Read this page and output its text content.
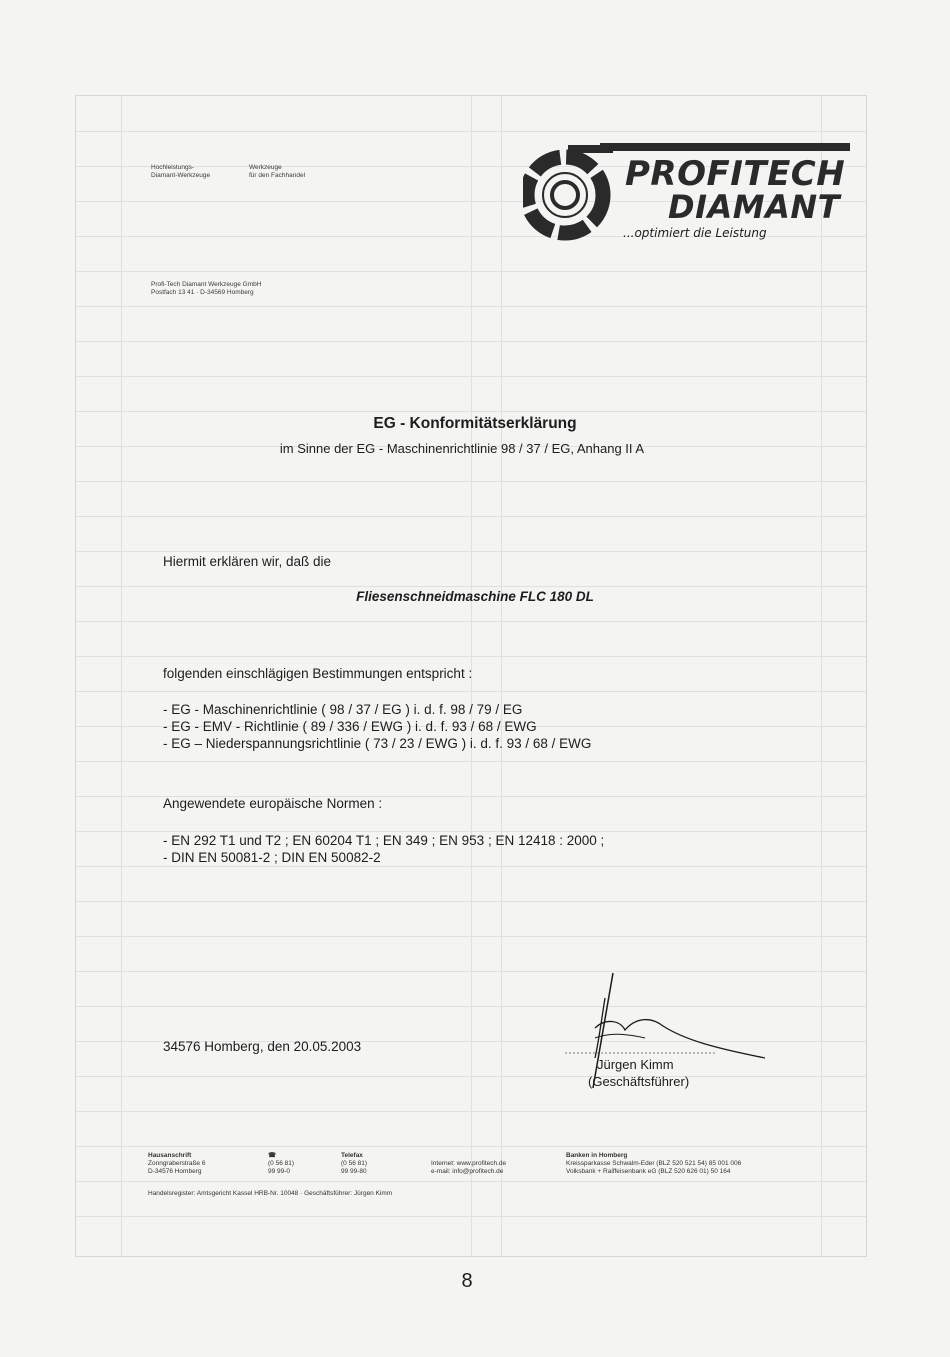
Hochleistungs-
Diamant-Werkzeuge
Werkzeuge
für den Fachhandel	PROFITECH
DIAMANT
...optimiert die Leistung
Profi-Tech Diamant Werkzeuge GmbH
Postfach 13 41 · D-34569 Homberg
EG - Konformitätserklärung
im Sinne der EG - Maschinenrichtlinie 98 / 37 / EG, Anhang II A
Hiermit erklären wir, daß die
Fliesenschneidmaschine FLC 180 DL
folgenden einschlägigen Bestimmungen entspricht :
- EG - Maschinenrichtlinie ( 98 / 37 / EG ) i. d. f. 98 / 79 / EG
- EG - EMV - Richtlinie ( 89 / 336 / EWG ) i. d. f. 93 / 68 / EWG
- EG – Niederspannungsrichtlinie ( 73 / 23 / EWG ) i. d. f. 93 / 68 / EWG
Angewendete europäische Normen :
- EN 292 T1 und T2 ; EN 60204 T1 ; EN 349 ; EN 953 ; EN 12418 : 2000 ;
- DIN EN 50081-2 ; DIN EN 50082-2
34576 Homberg, den 20.05.2003
Jürgen Kimm
(Geschäftsführer)
Hausanschrift
Zonngraberstraße 6
D-34576 Homberg
☎
(0 56 81)
99 99-0
Telefax
(0 56 81)
99 99-80

Internet: www.profitech.de
e-mail: info@profitech.de
Banken in Homberg
Kreissparkasse Schwalm-Eder (BLZ 520 521 54) 85 001 006
Volksbank + Raiffeisenbank eG (BLZ 520 626 01) 50 164
Handelsregister: Amtsgericht Kassel HRB-Nr. 10048 · Geschäftsführer: Jürgen Kimm
8
